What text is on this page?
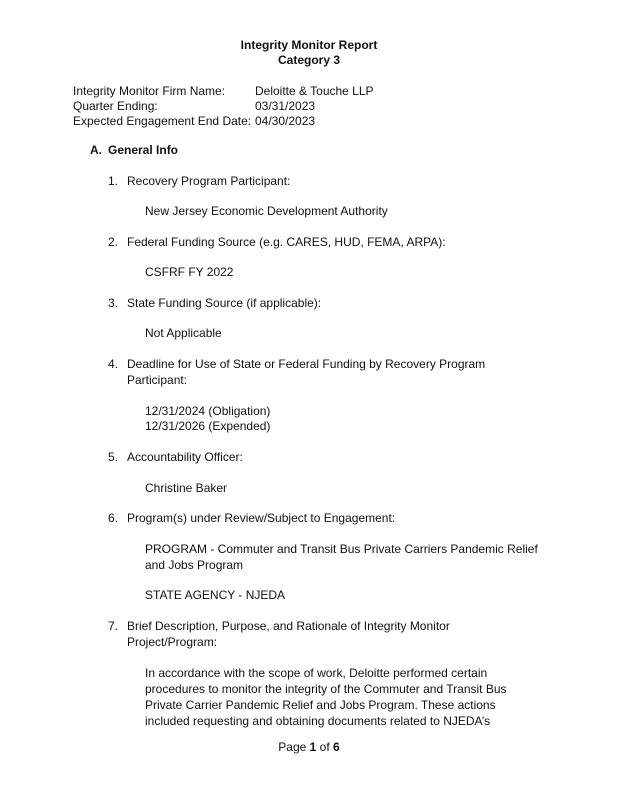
Integrity Monitor Report
Category 3
Integrity Monitor Firm Name: Deloitte & Touche LLP
Quarter Ending:	03/31/2023
Expected Engagement End Date: 04/30/2023
A. General Info
1. Recovery Program Participant:
New Jersey Economic Development Authority
2. Federal Funding Source (e.g. CARES, HUD, FEMA, ARPA):
CSFRF FY 2022
3. State Funding Source (if applicable):
Not Applicable
4. Deadline for Use of State or Federal Funding by Recovery Program Participant:
12/31/2024 (Obligation)
12/31/2026 (Expended)
5. Accountability Officer:
Christine Baker
6. Program(s) under Review/Subject to Engagement:
PROGRAM - Commuter and Transit Bus Private Carriers Pandemic Relief and Jobs Program
STATE AGENCY - NJEDA
7. Brief Description, Purpose, and Rationale of Integrity Monitor Project/Program:
In accordance with the scope of work, Deloitte performed certain procedures to monitor the integrity of the Commuter and Transit Bus Private Carrier Pandemic Relief and Jobs Program. These actions included requesting and obtaining documents related to NJEDA’s
Page 1 of 6
